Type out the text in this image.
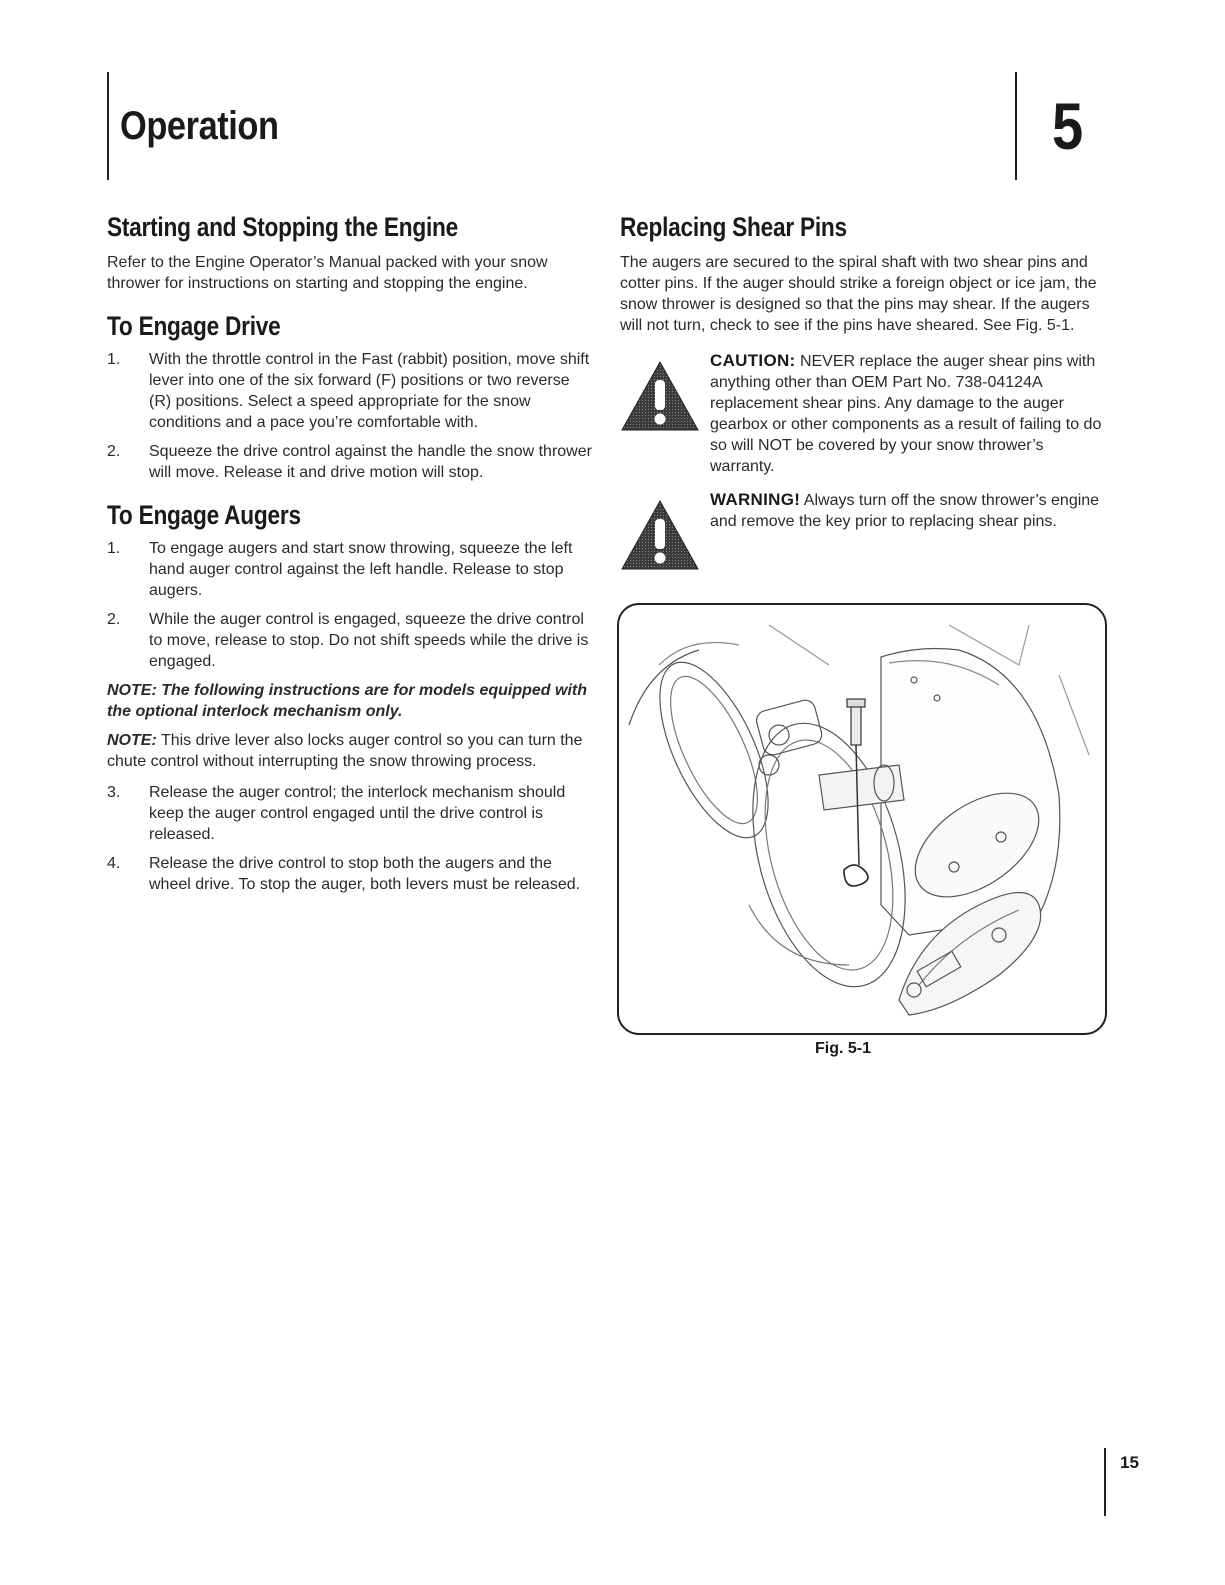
Operation	5
Starting and Stopping the Engine

Refer to the Engine Operator’s Manual packed with your snow thrower for instructions on starting and stopping the engine.

To Engage Drive
1. With the throttle control in the Fast (rabbit) position, move shift lever into one of the six forward (F) positions or two reverse (R) positions. Select a speed appropriate for the snow conditions and a pace you’re comfortable with.
2. Squeeze the drive control against the handle the snow thrower will move. Release it and drive motion will stop.
To Engage Augers
1. To engage augers and start snow throwing, squeeze the left hand auger control against the left handle. Release to stop augers.
2. While the auger control is engaged, squeeze the drive control to move, release to stop. Do not shift speeds while the drive is engaged.

NOTE: The following instructions are for models equipped with the optional interlock mechanism only.

NOTE: This drive lever also locks auger control so you can turn the chute control without interrupting the snow throwing process.

3. Release the auger control; the interlock mechanism should keep the auger control engaged until the drive control is released.
4. Release the drive control to stop both the augers and the wheel drive. To stop the auger, both levers must be released.
Replacing Shear Pins

The augers are secured to the spiral shaft with two shear pins and cotter pins. If the auger should strike a foreign object or ice jam, the snow thrower is designed so that the pins may shear. If the augers will not turn, check to see if the pins have sheared. See Fig. 5-1.

CAUTION: NEVER replace the auger shear pins with anything other than OEM Part No. 738-04124A replacement shear pins. Any damage to the auger gearbox or other components as a result of failing to do so will NOT be covered by your snow thrower’s warranty.

WARNING! Always turn off the snow thrower’s engine and remove the key prior to replacing shear pins.

Fig. 5-1

15
